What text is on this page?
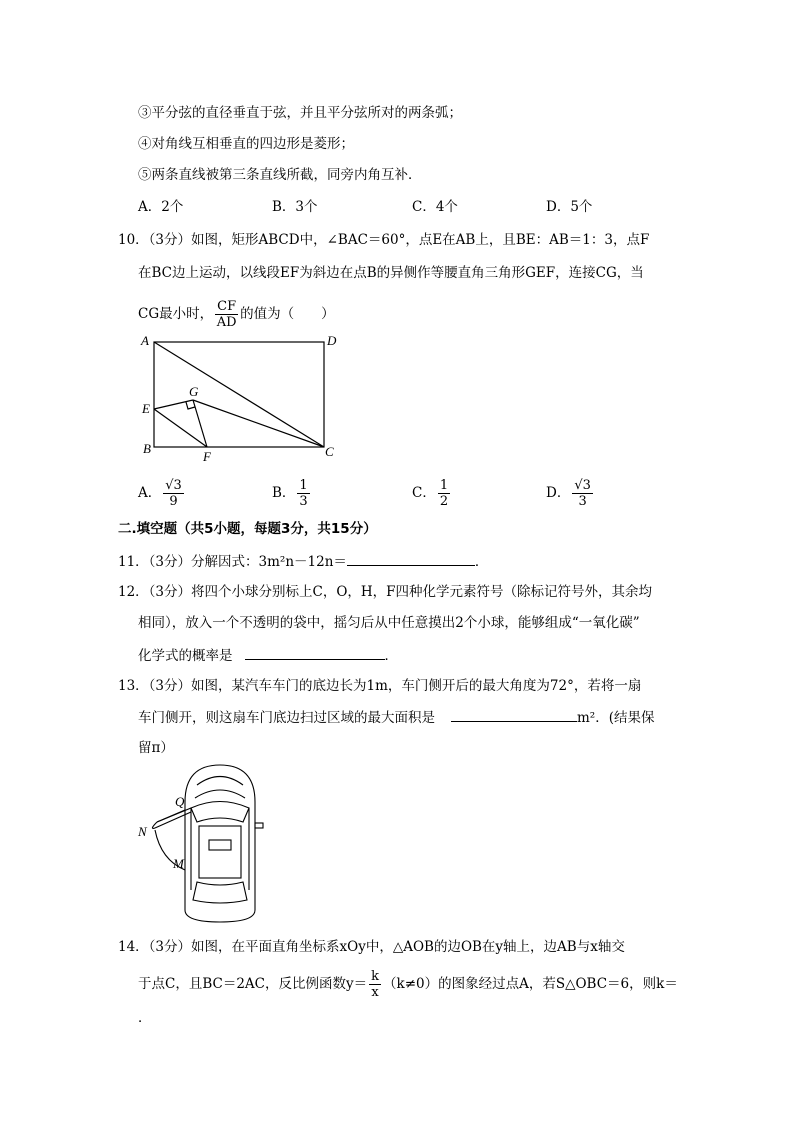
③平分弦的直径垂直于弦，并且平分弦所对的两条弧；
④对角线互相垂直的四边形是菱形；
⑤两条直线被第三条直线所截，同旁内角互补．
A．2个	B．3个	C．4个	D．5个
10．（3分）如图，矩形ABCD中，∠BAC＝60°，点E在AB上，且BE：AB＝1：3，点F
在BC边上运动，以线段EF为斜边在点B的异侧作等腰直角三角形GEF，连接CG，当
CG最小时， $\frac{CF}{AD}$ 的值为（　　）
A	D
G
E
B
F	C
A． $\frac{√3}{9}$	B． $\frac{1}{3}$	C． $\frac{1}{2}$	D． $\frac{√3}{3}$
二.填空题（共5小题，每题3分，共15分）
11．（3分）分解因式：3m²n－12n＝	．
12．（3分）将四个小球分别标上C，O，H，F四种化学元素符号（除标记符号外，其余均
相同），放入一个不透明的袋中，摇匀后从中任意摸出2个小球，能够组成“一氧化碳”
化学式的概率是	．
13．（3分）如图，某汽车车门的底边长为1m，车门侧开后的最大角度为72°，若将一扇
车门侧开，则这扇车门底边扫过区域的最大面积是	m²．(结果保
留π）
Q
N
M
14．（3分）如图，在平面直角坐标系xOy中，△AOB的边OB在y轴上，边AB与x轴交
于点C，且BC＝2AC，反比例函数$y= \frac{k}{x} (k\ne 0)$的图象经过点A，若S△OBC＝6，则k＝
．
